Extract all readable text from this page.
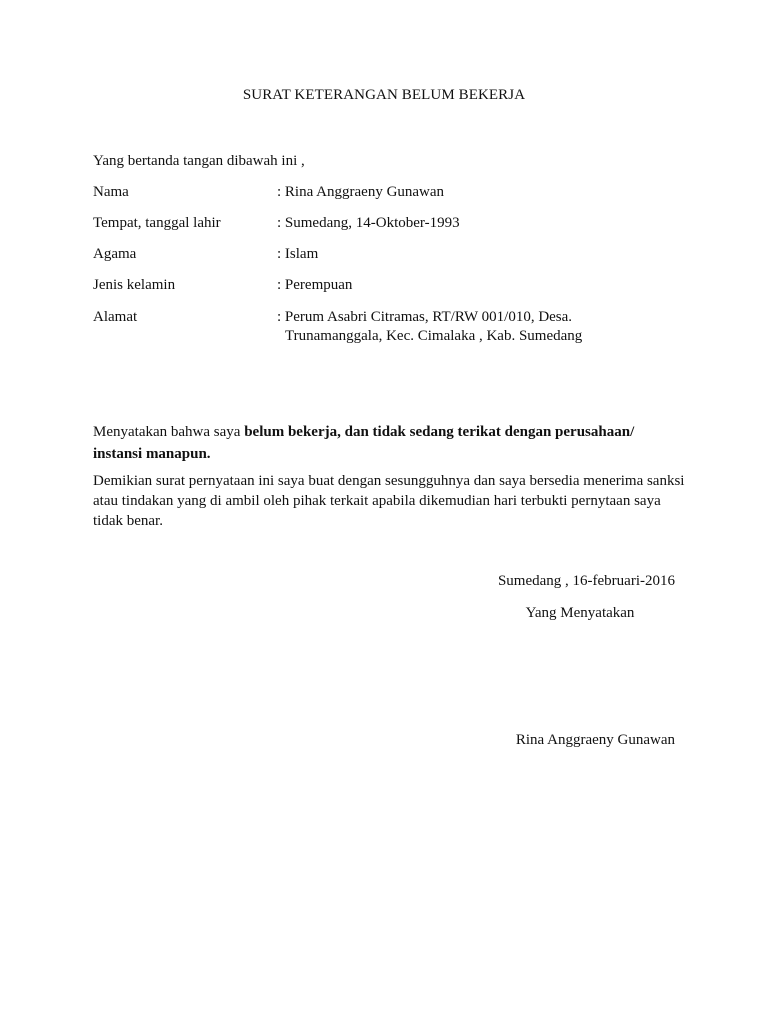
SURAT KETERANGAN BELUM BEKERJA
Yang bertanda tangan dibawah ini ,
Nama	: Rina Anggraeny Gunawan
Tempat, tanggal lahir	: Sumedang, 14-Oktober-1993
Agama	: Islam
Jenis kelamin	: Perempuan
Alamat	: Perum Asabri Citramas, RT/RW 001/010, Desa.
Trunamanggala, Kec. Cimalaka , Kab. Sumedang
Menyatakan bahwa saya belum bekerja, dan tidak sedang terikat dengan perusahaan/ instansi manapun.
Demikian surat pernyataan ini saya buat dengan sesungguhnya dan saya bersedia menerima sanksi atau tindakan yang di ambil oleh pihak terkait apabila dikemudian hari terbukti pernytaan saya tidak benar.
Sumedang , 16-februari-2016
Yang Menyatakan
Rina Anggraeny Gunawan
